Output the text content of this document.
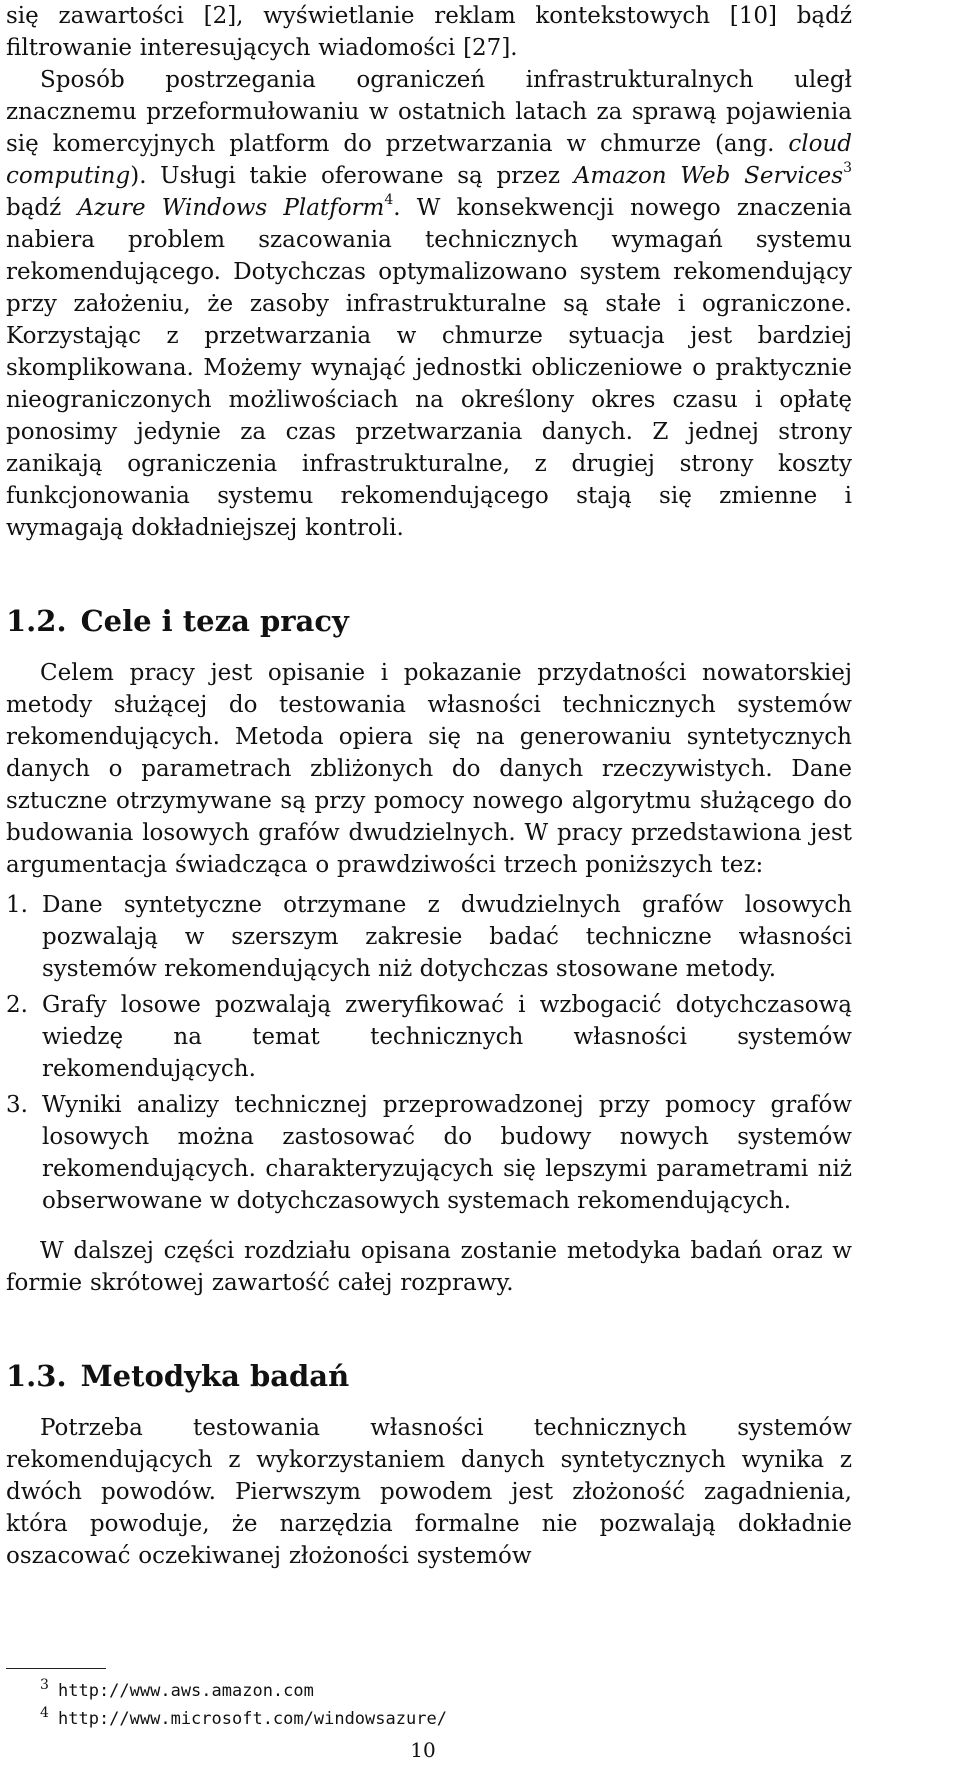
się zawartości [2], wyświetlanie reklam kontekstowych [10] bądź filtrowanie interesujących wiadomości [27].

Sposób postrzegania ograniczeń infrastrukturalnych uległ znacznemu przeformułowaniu w ostatnich latach za sprawą pojawienia się komercyjnych platform do przetwarzania w chmurze (ang. cloud computing). Usługi takie oferowane są przez Amazon Web Services$^3$ bądź Azure Windows Platform$^4$. W konsekwencji nowego znaczenia nabiera problem szacowania technicznych wymagań systemu rekomendującego. Dotychczas optymalizowano system rekomendujący przy założeniu, że zasoby infrastrukturalne są stałe i ograniczone. Korzystając z przetwarzania w chmurze sytuacja jest bardziej skomplikowana. Możemy wynająć jednostki obliczeniowe o praktycznie nieograniczonych możliwościach na określony okres czasu i opłatę ponosimy jedynie za czas przetwarzania danych. Z jednej strony zanikają ograniczenia infrastrukturalne, z drugiej strony koszty funkcjonowania systemu rekomendującego stają się zmienne i wymagają dokładniejszej kontroli.

1.2. Cele i teza pracy

Celem pracy jest opisanie i pokazanie przydatności nowatorskiej metody służącej do testowania własności technicznych systemów rekomendujących. Metoda opiera się na generowaniu syntetycznych danych o parametrach zbliżonych do danych rzeczywistych. Dane sztuczne otrzymywane są przy pomocy nowego algorytmu służącego do budowania losowych grafów dwudzielnych. W pracy przedstawiona jest argumentacja świadcząca o prawdziwości trzech poniższych tez:

1. Dane syntetyczne otrzymane z dwudzielnych grafów losowych pozwalają w szerszym zakresie badać techniczne własności systemów rekomendujących niż dotychczas stosowane metody.
2. Grafy losowe pozwalają zweryfikować i wzbogacić dotychczasową wiedzę na temat technicznych własności systemów rekomendujących.
3. Wyniki analizy technicznej przeprowadzonej przy pomocy grafów losowych można zastosować do budowy nowych systemów rekomendujących. charakteryzujących się lepszymi parametrami niż obserwowane w dotychczasowych systemach rekomendujących.

W dalszej części rozdziału opisana zostanie metodyka badań oraz w formie skrótowej zawartość całej rozprawy.

1.3. Metodyka badań

Potrzeba testowania własności technicznych systemów rekomendujących z wykorzystaniem danych syntetycznych wynika z dwóch powodów. Pierwszym powodem jest złożoność zagadnienia, która powoduje, że narzędzia formalne nie pozwalają dokładnie oszacować oczekiwanej złożoności systemów

3 http://www.aws.amazon.com
4 http://www.microsoft.com/windowsazure/
10
